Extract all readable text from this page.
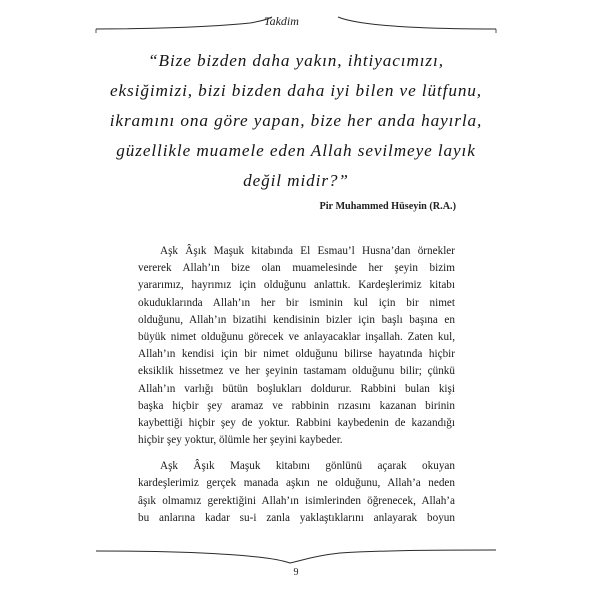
Takdim
“Bize bizden daha yakın, ihtiyacımızı,
eksiğimizi, bizi bizden daha iyi bilen ve lütfunu,
ikramını ona göre yapan, bize her anda hayırla,
güzellikle muamele eden Allah sevilmeye layık
değil midir?”
Pir Muhammed Hüseyin (R.A.)
Aşk Âşık Maşuk kitabında El Esmau’l Husna’dan örnekler
vererek Allah’ın bize olan muamelesinde her şeyin bizim
yararımız, hayrımız için olduğunu anlattık. Kardeşlerimiz kitabı
okuduklarında Allah’ın her bir isminin kul için bir nimet
olduğunu, Allah’ın bizatihi kendisinin bizler için başlı başına en
büyük nimet olduğunu görecek ve anlayacaklar inşallah. Zaten kul,
Allah’ın kendisi için bir nimet olduğunu bilirse hayatında hiçbir
eksiklik hissetmez ve her şeyinin tastamam olduğunu bilir; çünkü
Allah’ın varlığı bütün boşlukları doldurur. Rabbini bulan kişi
başka hiçbir şey aramaz ve rabbinin rızasını kazanan birinin
kaybettiği hiçbir şey de yoktur. Rabbini kaybedenin de kazandığı
hiçbir şey yoktur, ölümle her şeyini kaybeder.
Aşk Âşık Maşuk kitabını gönlünü açarak okuyan
kardeşlerimiz gerçek manada aşkın ne olduğunu, Allah’a neden
âşık olmamız gerektiğini Allah’ın isimlerinden öğrenecek, Allah’a
bu anlarına kadar su-i zanla yaklaştıklarını anlayarak boyun
9
